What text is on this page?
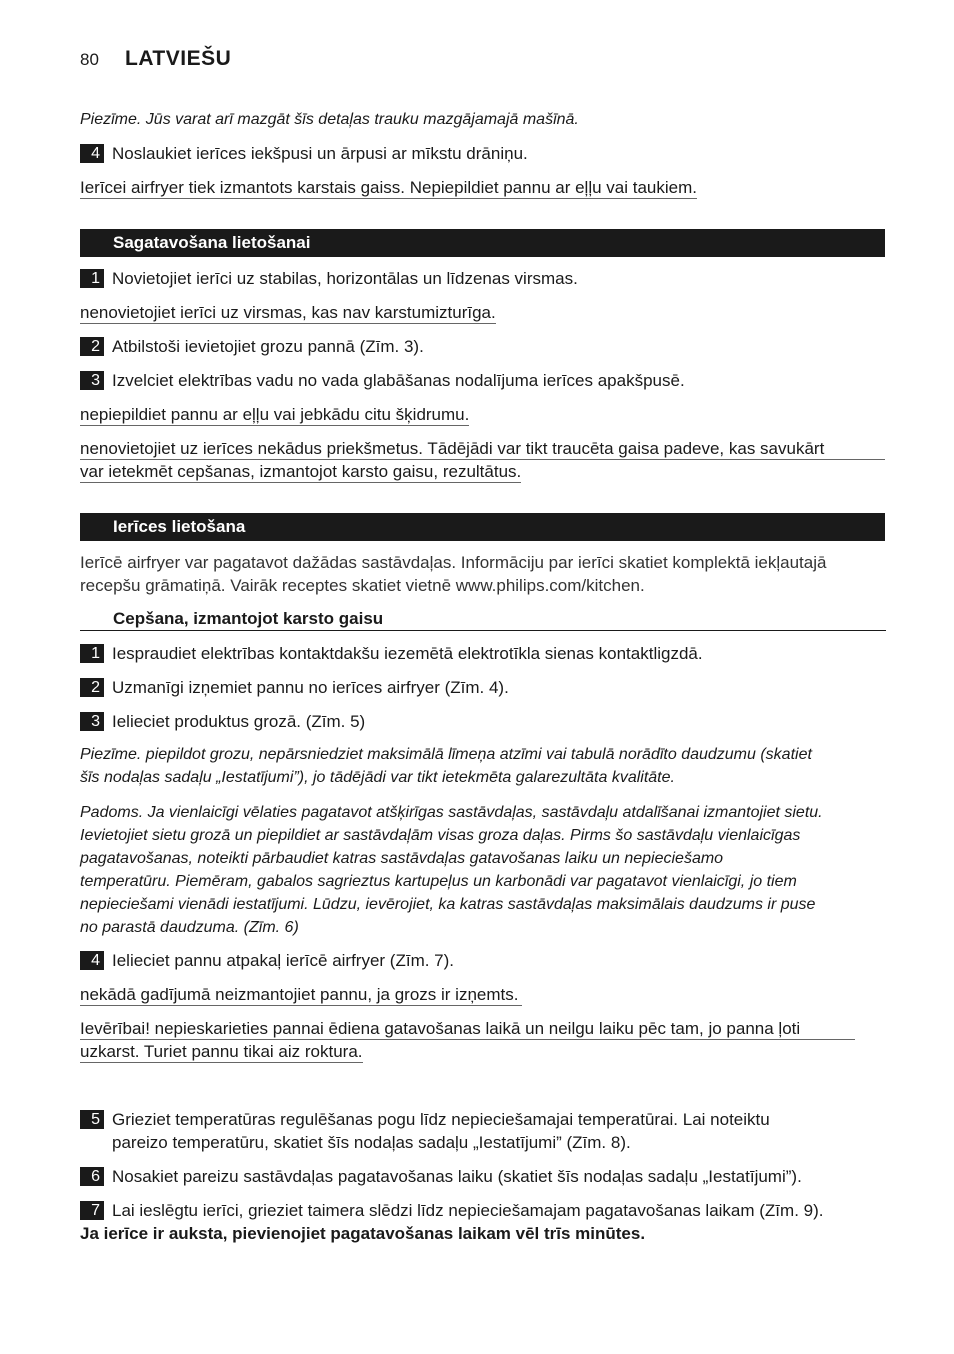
80 LATVIEŠU
Piezīme. Jūs varat arī mazgāt šīs detaļas trauku mazgājamajā mašīnā.
4 Noslaukiet ierīces iekšpusi un ārpusi ar mīkstu drāniņu.
Ierīcei airfryer tiek izmantots karstais gaiss. Nepiepildiet pannu ar eļļu vai taukiem.
Sagatavošana lietošanai
1 Novietojiet ierīci uz stabilas, horizontālas un līdzenas virsmas.
nenovietojiet ierīci uz virsmas, kas nav karstumizturīga.
2 Atbilstoši ievietojiet grozu pannā (Zīm. 3).
3 Izvelciet elektrības vadu no vada glabāšanas nodalījuma ierīces apakšpusē.
nepiepildiet pannu ar eļļu vai jebkādu citu šķidrumu.
nenovietojiet uz ierīces nekādus priekšmetus. Tādējādi var tikt traucēta gaisa padeve, kas savukārt
var ietekmēt cepšanas, izmantojot karsto gaisu, rezultātus.
Ierīces lietošana
Ierīcē airfryer var pagatavot dažādas sastāvdaļas. Informāciju par ierīci skatiet komplektā iekļautajā
recepšu grāmatiņā. Vairāk receptes skatiet vietnē www.philips.com/kitchen.
Cepšana, izmantojot karsto gaisu
1 Iespraudiet elektrības kontaktdakšu iezemētā elektrotīkla sienas kontaktligzdā.
2 Uzmanīgi izņemiet pannu no ierīces airfryer (Zīm. 4).
3 Ielieciet produktus grozā. (Zīm. 5)
Piezīme. piepildot grozu, nepārsniedziet maksimālā līmeņa atzīmi vai tabulā norādīto daudzumu (skatiet
šīs nodaļas sadaļu „Iestatījumi”), jo tādējādi var tikt ietekmēta galarezultāta kvalitāte.
Padoms. Ja vienlaicīgi vēlaties pagatavot atšķirīgas sastāvdaļas, sastāvdaļu atdalīšanai izmantojiet sietu.
Ievietojiet sietu grozā un piepildiet ar sastāvdaļām visas groza daļas. Pirms šo sastāvdaļu vienlaicīgas
pagatavošanas, noteikti pārbaudiet katras sastāvdaļas gatavošanas laiku un nepieciešamo
temperatūru. Piemēram, gabalos sagrieztus kartupeļus un karbonādi var pagatavot vienlaicīgi, jo tiem
nepieciešami vienādi iestatījumi. Lūdzu, ievērojiet, ka katras sastāvdaļas maksimālais daudzums ir puse
no parastā daudzuma. (Zīm. 6)
4 Ielieciet pannu atpakaļ ierīcē airfryer (Zīm. 7).
nekādā gadījumā neizmantojiet pannu, ja grozs ir izņemts.
Ievērībai! nepieskarieties pannai ēdiena gatavošanas laikā un neilgu laiku pēc tam, jo panna ļoti
uzkarst. Turiet pannu tikai aiz roktura.
5 Grieziet temperatūras regulēšanas pogu līdz nepieciešamajai temperatūrai. Lai noteiktu
pareizo temperatūru, skatiet šīs nodaļas sadaļu „Iestatījumi” (Zīm. 8).
6 Nosakiet pareizu sastāvdaļas pagatavošanas laiku (skatiet šīs nodaļas sadaļu „Iestatījumi”).
7 Lai ieslēgtu ierīci, grieziet taimera slēdzi līdz nepieciešamajam pagatavošanas laikam (Zīm. 9).
Ja ierīce ir auksta, pievienojiet pagatavošanas laikam vēl trīs minūtes.
